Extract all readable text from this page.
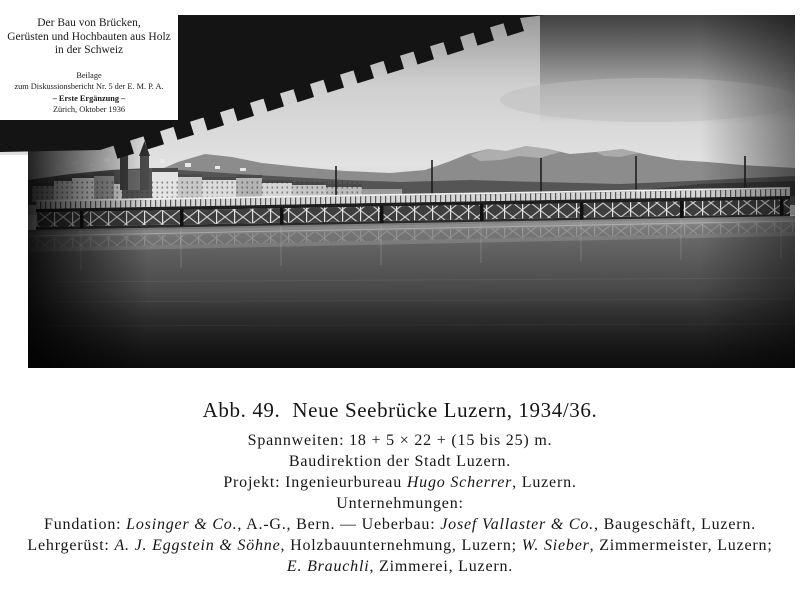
Der Bau von Brücken,
Gerüsten und Hochbauten aus Holz
in der Schweiz
Beilage
zum Diskussionsbericht Nr. 5 der E. M. P. A.
– Erste Ergänzung –
Zürich, Oktober 1936
Abb. 49. Neue Seebrücke Luzern, 1934/36.
Spannweiten: 18 + 5 × 22 + (15 bis 25) m.
Baudirektion der Stadt Luzern.
Projekt: Ingenieurbureau Hugo Scherrer, Luzern.
Unternehmungen:
Fundation: Losinger & Co., A.-G., Bern. — Ueberbau: Josef Vallaster & Co., Baugeschäft, Luzern.
Lehrgerüst: A. J. Eggstein & Söhne, Holzbauunternehmung, Luzern; W. Sieber, Zimmermeister, Luzern;
E. Brauchli, Zimmerei, Luzern.
